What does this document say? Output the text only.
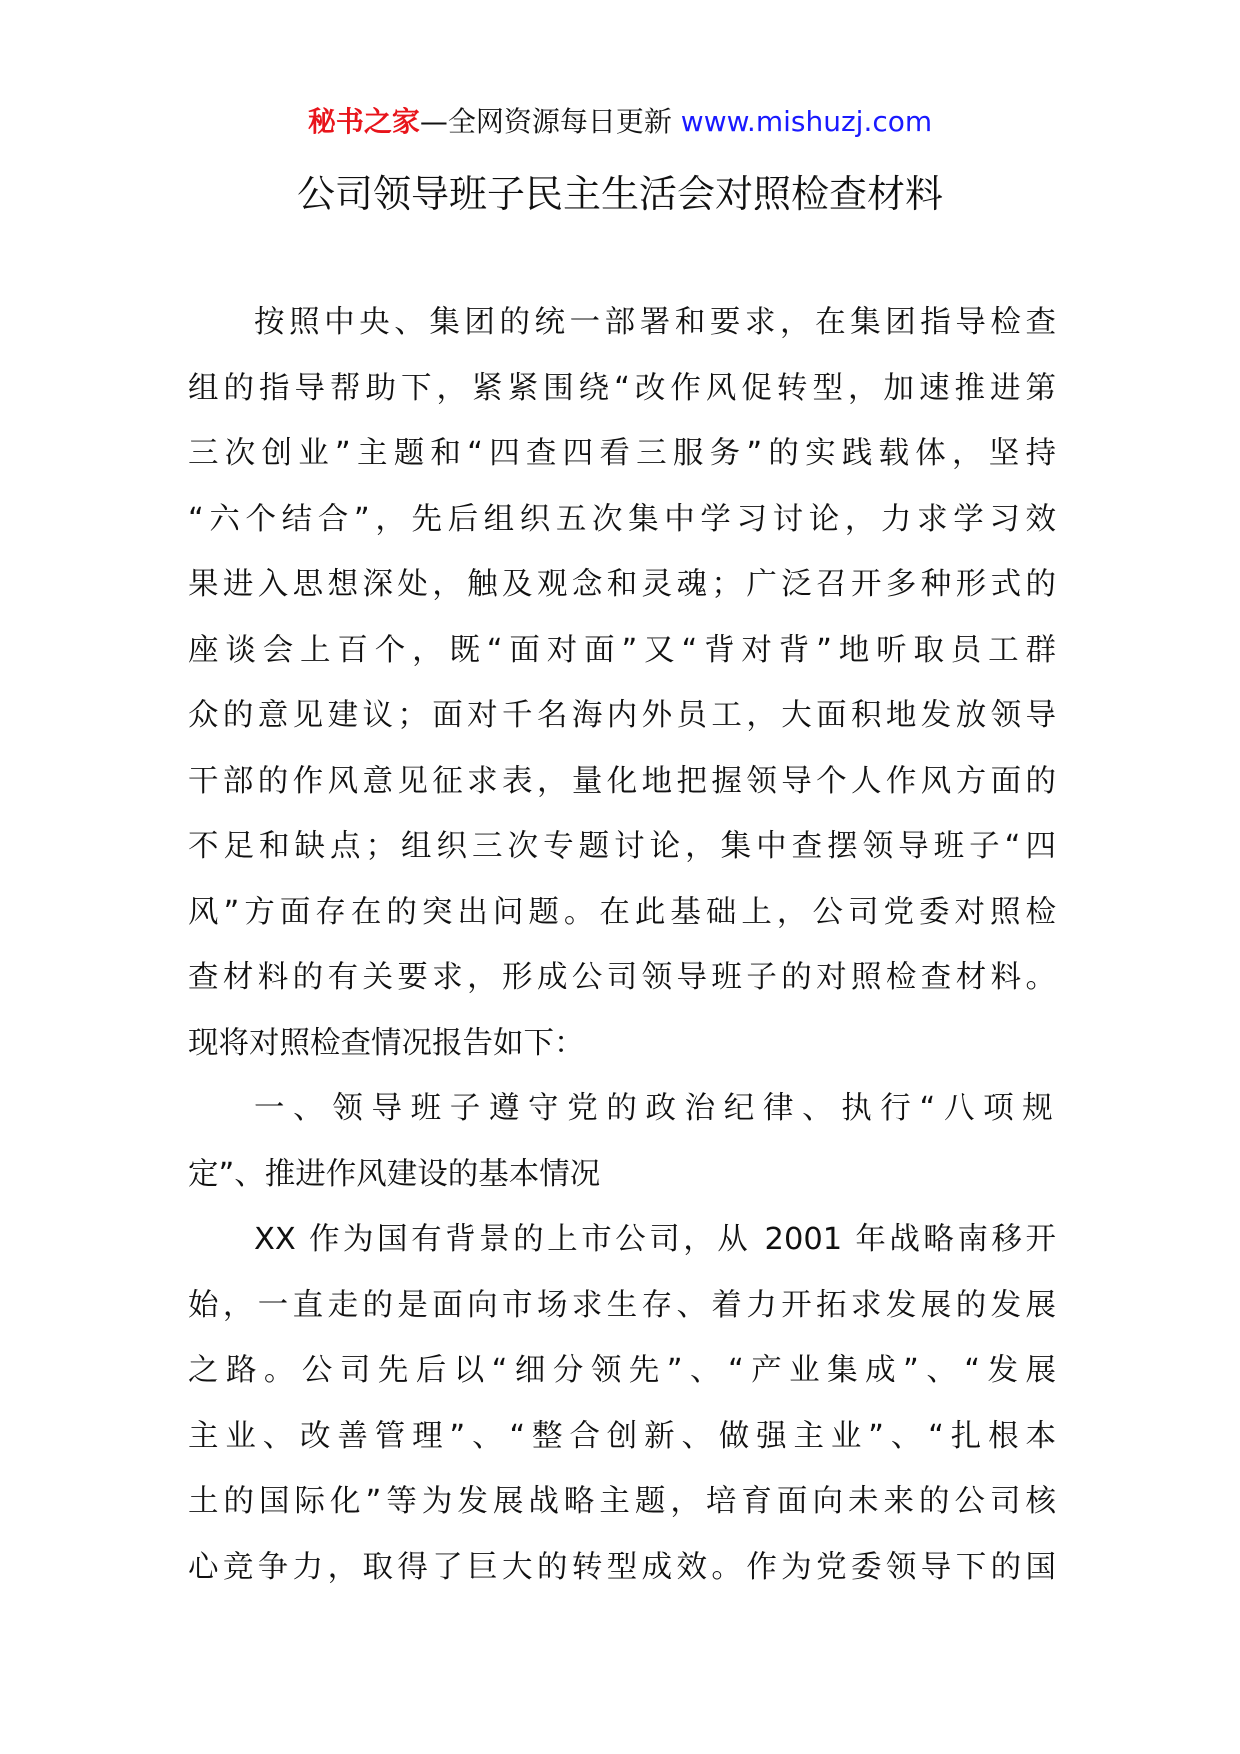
秘书之家—全网资源每日更新 www.mishuzj.com
公司领导班子民主生活会对照检查材料
按照中央、集团的统一部署和要求，在集团指导检查
组的指导帮助下，紧紧围绕“改作风促转型，加速推进第
三次创业”主题和“四查四看三服务”的实践载体，坚持
“六个结合”，先后组织五次集中学习讨论，力求学习效
果进入思想深处，触及观念和灵魂；广泛召开多种形式的
座谈会上百个，既“面对面”又“背对背”地听取员工群
众的意见建议；面对千名海内外员工，大面积地发放领导
干部的作风意见征求表，量化地把握领导个人作风方面的
不足和缺点；组织三次专题讨论，集中查摆领导班子“四
风”方面存在的突出问题。在此基础上，公司党委对照检
查材料的有关要求，形成公司领导班子的对照检查材料。
现将对照检查情况报告如下：
一、领导班子遵守党的政治纪律、执行“八项规
定”、推进作风建设的基本情况
XX 作为国有背景的上市公司，从 2001 年战略南移开
始，一直走的是面向市场求生存、着力开拓求发展的发展
之路。公司先后以“细分领先”、“产业集成”、“发展
主业、改善管理”、“整合创新、做强主业”、“扎根本
土的国际化”等为发展战略主题，培育面向未来的公司核
心竞争力，取得了巨大的转型成效。作为党委领导下的国
